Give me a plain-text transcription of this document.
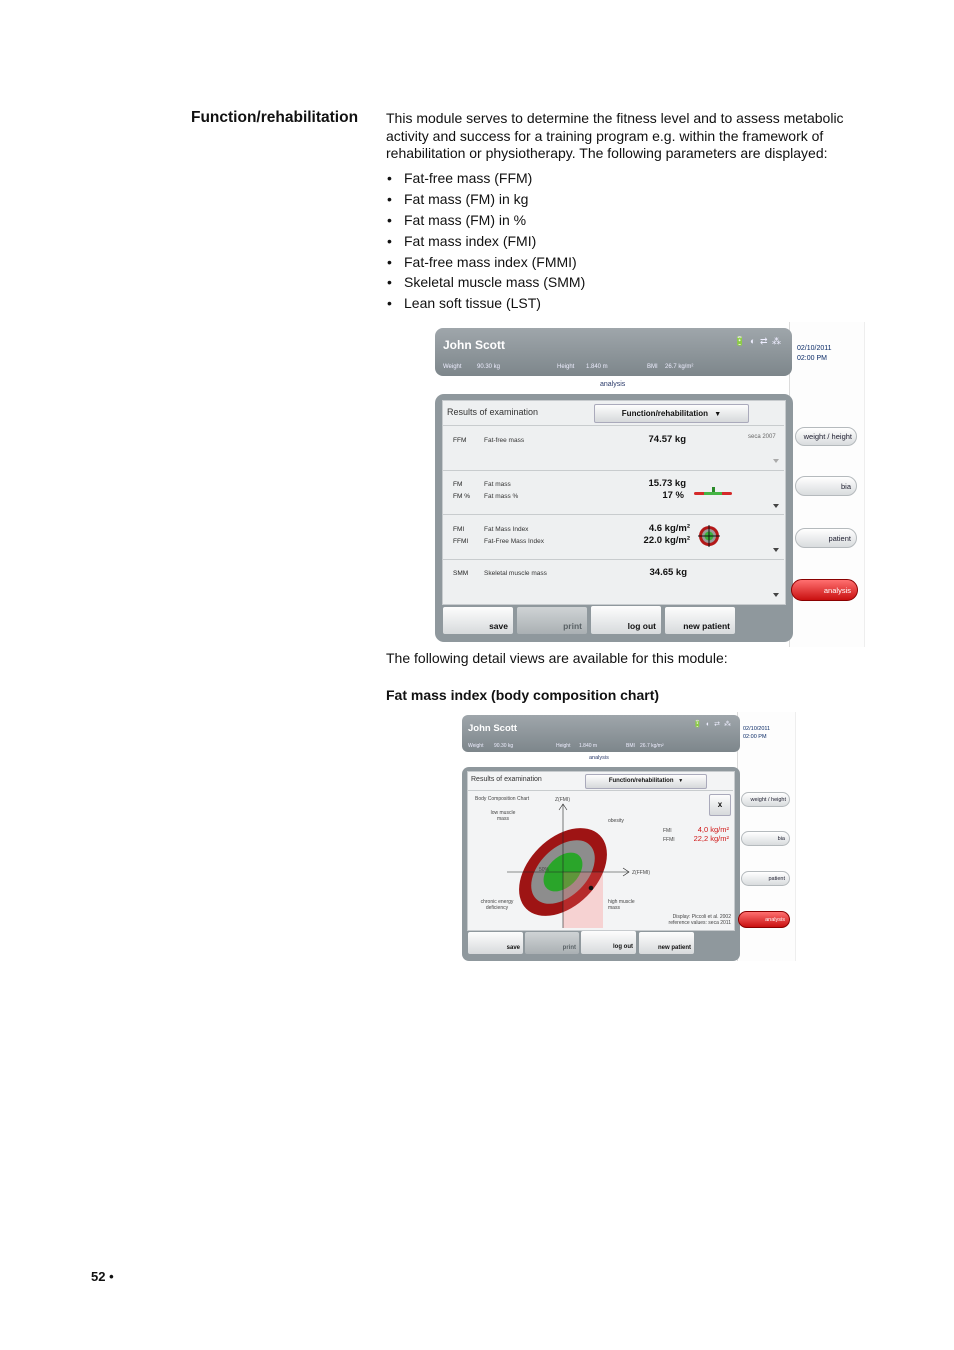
Function/rehabilitation This module serves to determine the fitness level and to assess metabolic activity and success for a training program e.g. within the framework of rehabilitation or physiotherapy. The following parameters are displayed:

• Fat-free mass (FFM)
• Fat mass (FM) in kg
• Fat mass (FM) in %
• Fat mass index (FMI)
• Fat-free mass index (FMMI)
• Skeletal muscle mass (SMM)
• Lean soft tissue (LST)
John Scott	🔋 ◐ ⇄ ⁂
Weight	90.30 kg	Height 1.840 m	BMI 26.7 kg/m²
02/10/2011
02:00 PM
analysis
Results of examination	Function/rehabilitation ▼
FFM	Fat-free mass	74.57 kg	seca 2007
FM	Fat mass	15.73 kg
FM % Fat mass %	17 %
FMI	Fat Mass Index	4.6 kg/m²
FFMI Fat-Free Mass Index	22.0 kg/m²
SMM Skeletal muscle mass	34.65 kg
save	print	log out	new patient
weight / height
bia
patient
analysis
The following detail views are available for this module:
Fat mass index (body composition chart)
John Scott	🔋 ◐ ⇄ ⁂
Weight 90.30 kg	Height 1.840 m	BMI 26.7 kg/m²
02/10/2011
02:00 PM
analysis
Results of examination	Function/rehabilitation ▼
Body Composition Chart
x
50%
Z(FMI)
Z(FFMI)
low muscle mass	obesity
chronic energy deficiency
high muscle mass
FMI	4,0 kg/m²
FFMI	22,2 kg/m²
Display: Piccoli et al. 2002
reference values: seca 2011
save	print	log out	new patient
weight / height
bia
patient
analysis
52 •
